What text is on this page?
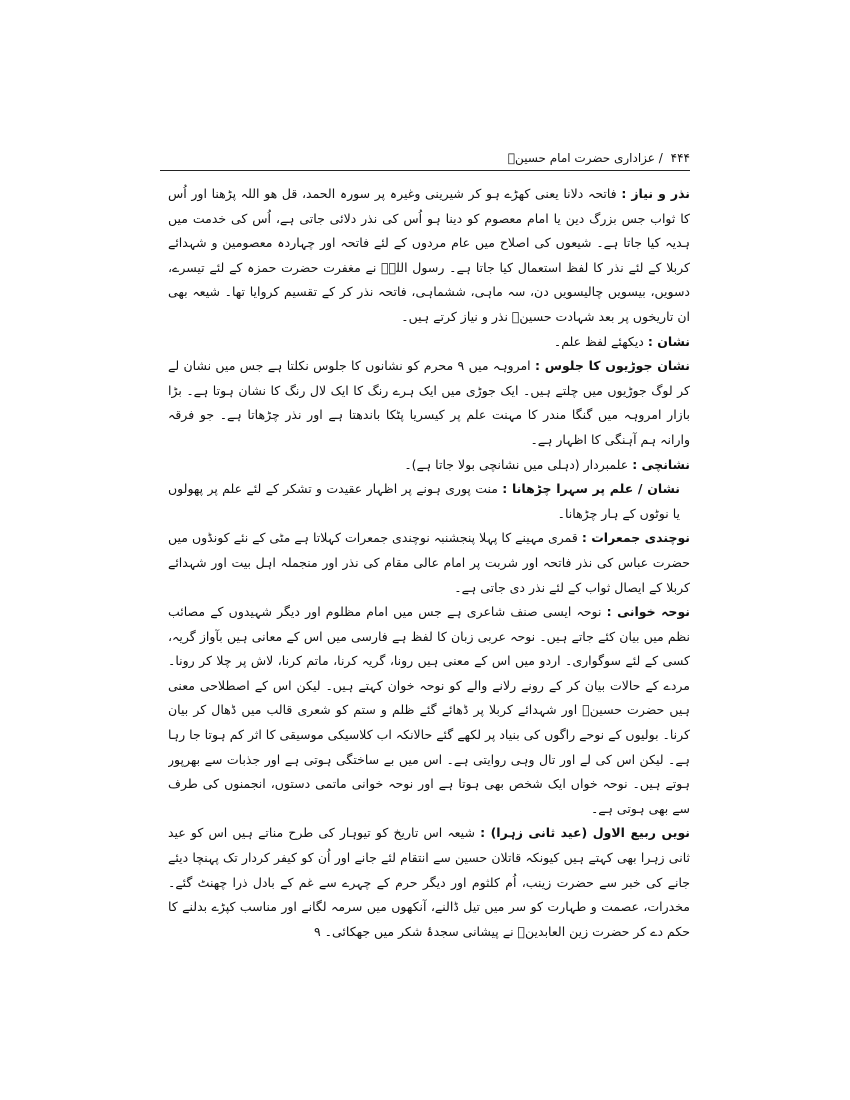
۴۴۴ / عزاداری حضرت امام حسینؑ

نذر و نیاز : فاتحہ دلانا یعنی کھڑے ہو کر شیرینی وغیرہ پر سورہ الحمد، قل ھو اللہ پڑھنا اور اُس کا ثواب جس بزرگ دین یا امام معصوم کو دینا ہو اُس کی نذر دلائی جاتی ہے، اُس کی خدمت میں ہدیہ کیا جاتا ہے۔ شیعوں کی اصلاح میں عام مردوں کے لئے فاتحہ اور چہاردہ معصومین و شہدائے کربلا کے لئے نذر کا لفظ استعمال کیا جاتا ہے۔ رسول اللہؐ نے مغفرت حضرت حمزہ کے لئے تیسرے، دسویں، بیسویں چالیسویں دن، سہ ماہی، ششماہی، فاتحہ نذر کر کے تقسیم کروایا تھا۔ شیعہ بھی ان تاریخوں پر بعد شہادت حسینؑ نذر و نیاز کرتے ہیں۔

نشان : دیکھئے لفظ علم۔

نشان جوڑیوں کا جلوس : امروہہ میں ۹ محرم کو نشانوں کا جلوس نکلتا ہے جس میں نشان لے کر لوگ جوڑیوں میں چلتے ہیں۔ ایک جوڑی میں ایک ہرے رنگ کا ایک لال رنگ کا نشان ہوتا ہے۔ بڑا بازار امروہہ میں گنگا مندر کا مہنت علم پر کیسریا پٹکا باندھتا ہے اور نذر چڑھاتا ہے۔ جو فرقہ وارانہ ہم آہنگی کا اظہار ہے۔

نشانچی : علمبردار (دہلی میں نشانچی بولا جاتا ہے)۔

نشان / علم پر سہرا چڑھانا : منت پوری ہونے پر اظہار عقیدت و تشکر کے لئے علم پر پھولوں یا نوٹوں کے ہار چڑھانا۔

نوچندی جمعرات : قمری مہینے کا پہلا پنجشنبہ نوچندی جمعرات کہلاتا ہے مٹی کے نئے کونڈوں میں حضرت عباس کی نذر فاتحہ اور شربت پر امام عالی مقام کی نذر اور منجملہ اہل بیت اور شہدائے کربلا کے ایصال ثواب کے لئے نذر دی جاتی ہے۔

نوحہ خوانی : نوحہ ایسی صنف شاعری ہے جس میں امام مظلوم اور دیگر شہیدوں کے مصائب نظم میں بیان کئے جاتے ہیں۔ نوحہ عربی زبان کا لفظ ہے فارسی میں اس کے معانی ہیں بآواز گریہ، کسی کے لئے سوگواری۔ اردو میں اس کے معنی ہیں رونا، گریہ کرنا، ماتم کرنا، لاش پر چلا کر رونا۔ مردے کے حالات بیان کر کے رونے رلانے والے کو نوحہ خوان کہتے ہیں۔ لیکن اس کے اصطلاحی معنی ہیں حضرت حسینؑ اور شہدائے کربلا پر ڈھائے گئے ظلم و ستم کو شعری قالب میں ڈھال کر بیان کرنا۔ بولیوں کے نوحے راگوں کی بنیاد پر لکھے گئے حالانکہ اب کلاسیکی موسیقی کا اثر کم ہوتا جا رہا ہے۔ لیکن اس کی لے اور تال وہی روایتی ہے۔ اس میں بے ساختگی ہوتی ہے اور جذبات سے بھرپور ہوتے ہیں۔ نوحہ خواں ایک شخص بھی ہوتا ہے اور نوحہ خوانی ماتمی دستوں، انجمنوں کی طرف سے بھی ہوتی ہے۔

نویں ربیع الاول (عید ثانی زہرا) : شیعہ اس تاریخ کو تیوہار کی طرح مناتے ہیں اس کو عید ثانی زہرا بھی کہتے ہیں کیونکہ قاتلان حسین سے انتقام لئے جانے اور اُن کو کیفر کردار تک پہنچا دیئے جانے کی خبر سے حضرت زینب، اُم کلثوم اور دیگر حرم کے چہرے سے غم کے بادل ذرا چھنٹ گئے۔ مخدرات، عصمت و طہارت کو سر میں تیل ڈالنے، آنکھوں میں سرمہ لگانے اور مناسب کپڑے بدلنے کا حکم دے کر حضرت زین العابدینؑ نے پیشانی سجدۂ شکر میں جھکائی۔ ۹
